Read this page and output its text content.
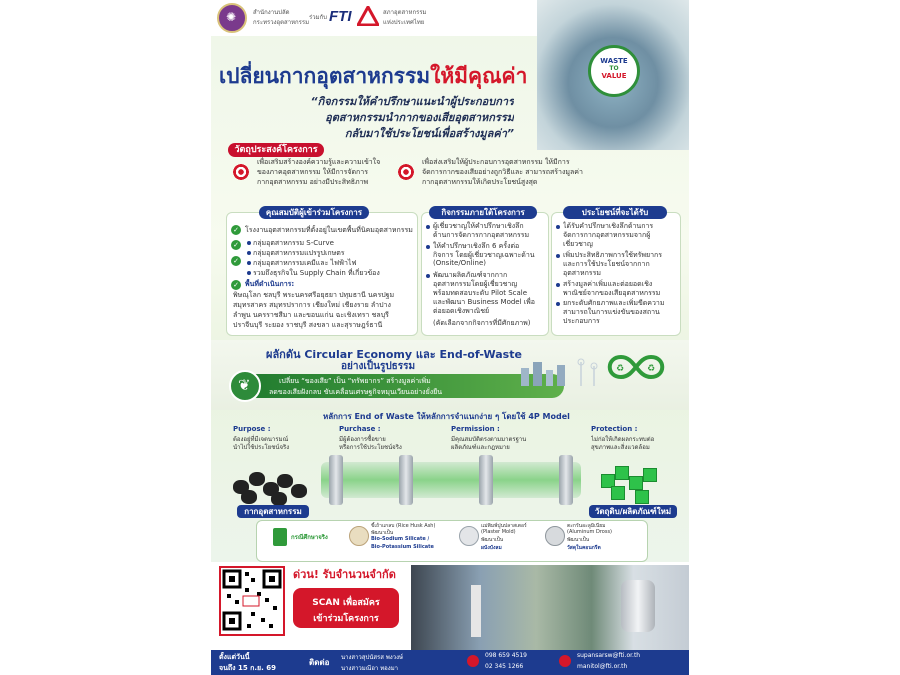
✺	สำนักงานปลัด
กระทรวงอุตสาหกรรม
ร่วมกับ FTI	สภาอุตสาหกรรม
แห่งประเทศไทย
WASTE
TO
VALUE
เปลี่ยนกากอุตสาหกรรมให้มีคุณค่า
“กิจกรรมให้คำปรึกษาแนะนำผู้ประกอบการ
อุตสาหกรรมนำกากของเสียอุตสาหกรรม
กลับมาใช้ประโยชน์เพื่อสร้างมูลค่า”
วัตถุประสงค์โครงการ
เพื่อเสริมสร้างองค์ความรู้และความเข้าใจ
ของภาคอุตสาหกรรม ให้มีการจัดการ
กากอุตสาหกรรม อย่างมีประสิทธิภาพ
เพื่อส่งเสริมให้ผู้ประกอบการอุตสาหกรรม ให้มีการ
จัดการกากของเสียอย่างถูกวิธีและ สามารถสร้างมูลค่า
กากอุตสาหกรรมให้เกิดประโยชน์สูงสุด
คุณสมบัติผู้เข้าร่วมโครงการ
✓ โรงงานอุตสาหกรรมที่ตั้งอยู่ในเขตพื้นที่นิคมอุตสาหกรรม
✓ กลุ่มอุตสาหกรรม S-Curve
กลุ่มอุตสาหกรรมแปรรูปเกษตร
✓ กลุ่มอุตสาหกรรมเคมีและ ไฟฟ้าไฟ
รวมถึงธุรกิจใน Supply Chain ที่เกี่ยวข้อง
✓ พื้นที่ดำเนินการ:
พิษณุโลก ชลบุรี พระนครศรีอยุธยา ปทุมธานี นครปฐม
สมุทรสาคร สมุทรปราการ เชียงใหม่ เชียงราย ลำปาง
ลำพูน นครราชสีมา และขอนแก่น ฉะเชิงเทรา ชลบุรี
ปราจีนบุรี ระยอง ราชบุรี สงขลา และสุราษฎร์ธานี
กิจกรรมภายใต้โครงการ
ผู้เชี่ยวชาญให้คำปรึกษาเชิงลึก
ด้านการจัดการกากอุตสาหกรรม
ให้คำปรึกษาเชิงลึก 6 ครั้งต่อ
กิจการ โดยผู้เชี่ยวชาญเฉพาะด้าน
(Onsite/Online)
พัฒนาผลิตภัณฑ์จากกาก
อุตสาหกรรมโดยผู้เชี่ยวชาญ
พร้อมทดสอบระดับ Pilot Scale
และพัฒนา Business Model เพื่อ
ต่อยอดเชิงพาณิชย์
(คัดเลือกจากกิจการที่มีศักยภาพ)
ประโยชน์ที่จะได้รับ
ได้รับคำปรึกษาเชิงลึกด้านการ
จัดการกากอุตสาหกรรมจากผู้
เชี่ยวชาญ
เพิ่มประสิทธิภาพการใช้ทรัพยากร
และการใช้ประโยชน์จากกาก
อุตสาหกรรม
สร้างมูลค่าเพิ่มและต่อยอดเชิง
พาณิชย์จากของเสียอุตสาหกรรม
ยกระดับศักยภาพและเพิ่มขีดความ
สามารถในการแข่งขันของสถาน
ประกอบการ
ผลักดัน Circular Economy และ End-of-Waste
อย่างเป็นรูปธรรม
❦	เปลี่ยน “ของเสีย” เป็น “ทรัพยากร” สร้างมูลค่าเพิ่ม
ลดของเสียฝังกลบ ขับเคลื่อนเศรษฐกิจหมุนเวียนอย่างยั่งยืน
♻	♻
หลักการ End of Waste ให้หลักการจำแนกง่าย ๆ โดยใช้ 4P Model
Purpose :
ต้องอยู่ที่มีเจตนารมณ์
นำไปใช้ประโยชน์จริง
Purchase :
มีผู้ต้องการซื้อขาย
หรือการใช้ประโยชน์จริง
Permission :
มีคุณสมบัติตรงตามมาตรฐาน
ผลิตภัณฑ์และกฎหมาย
Protection :
ไม่ก่อให้เกิดผลกระทบต่อ
สุขภาพและสิ่งแวดล้อม
กากอุตสาหกรรม	วัตถุดิบ/ผลิตภัณฑ์ใหม่
กรณีศึกษาจริง
ขี้เถ้าแกลบ (Rice Husk Ash)
พัฒนาเป็น
Bio-Sodium Silicate /
Bio-Potassium Silicate
แม่พิมพ์ปูนปลาสเตอร์
(Plaster Mold)
พัฒนาเป็น
ผนังบังลม
ตะกรันอะลูมิเนียม
(Aluminum Dross)
พัฒนาเป็น
วัสดุในคอนกรีต
ด่วน! รับจำนวนจำกัด
SCAN เพื่อสมัคร
เข้าร่วมโครงการ
ตั้งแต่วันนี้
จนถึง 15 ก.ย. 69
ติดต่อ
นางสาวสุปนัสรส พงวงษ์
นางสาวมณีอา ทองมา
098 659 4519
02 345 1266
supansarsw@fti.or.th
manitol@fti.or.th
